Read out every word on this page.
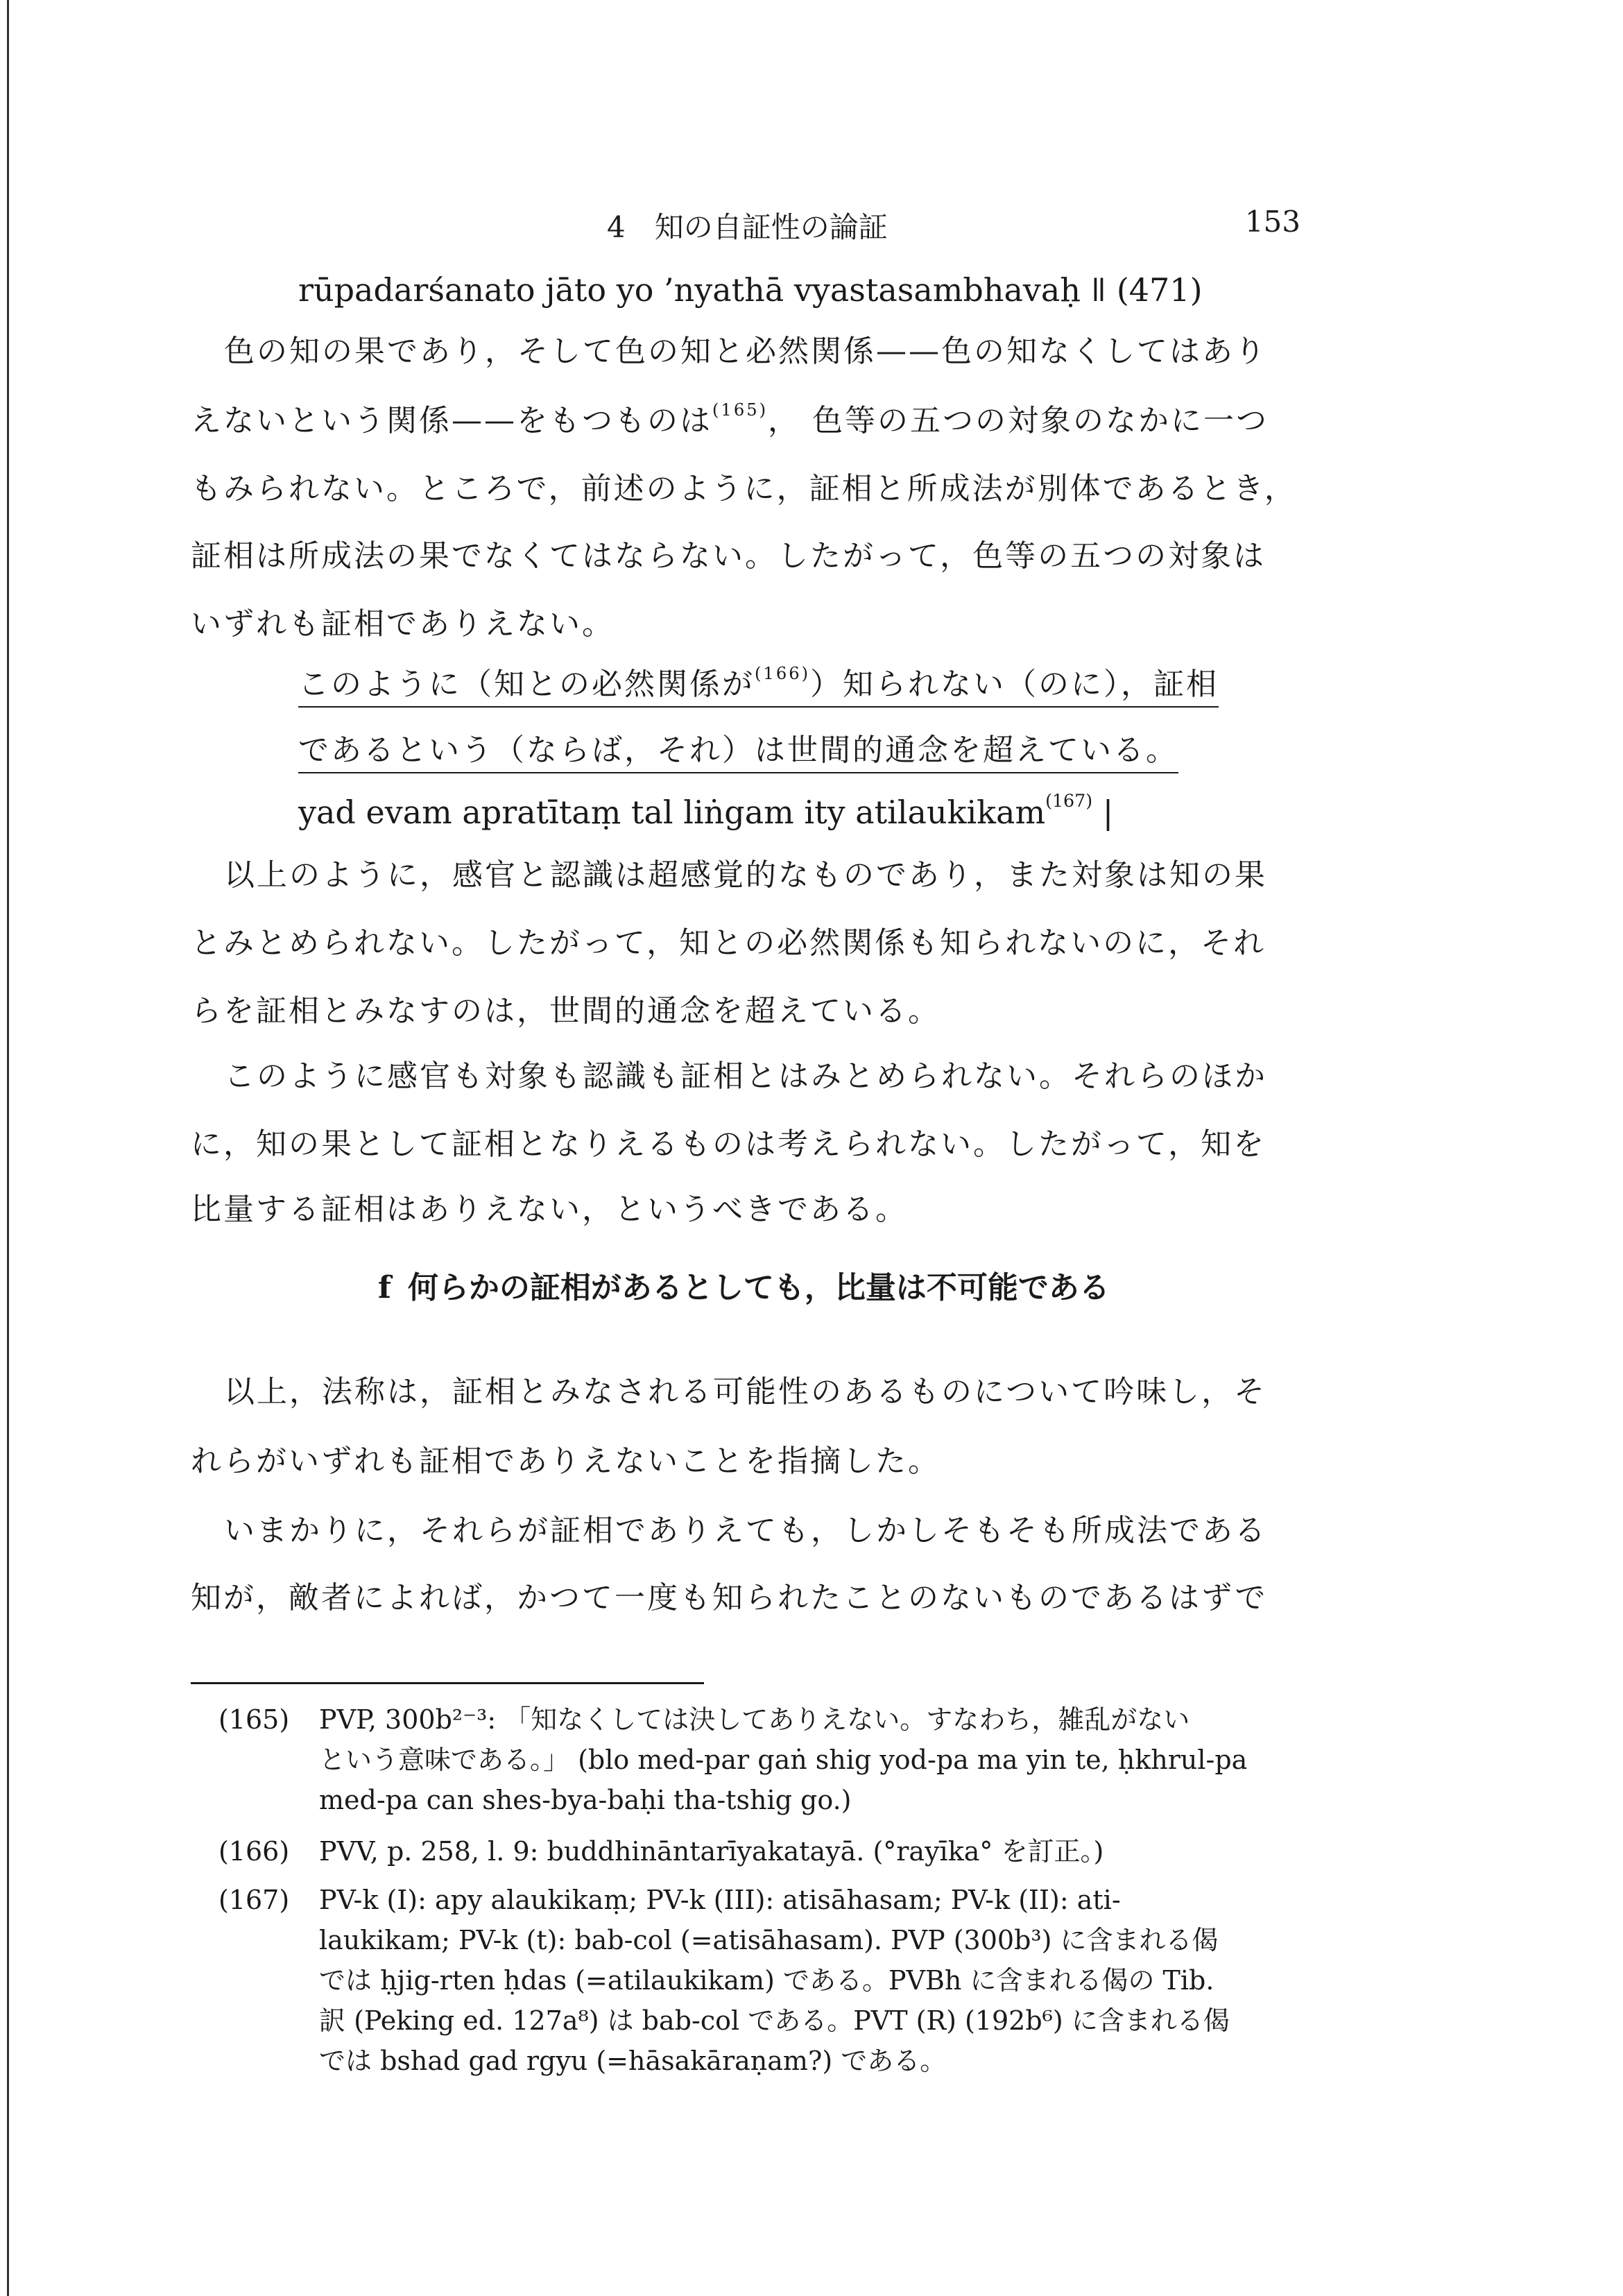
4　知の自証性の論証	153
rūpadarśanato jāto yo ’nyathā vyastasambhavaḥ ǁ (471)
色の知の果であり，そして色の知と必然関係——色の知なくしてはあり
えないという関係——をもつものは$^{(165)}$， 色等の五つの対象のなかに一つ
もみられない。ところで，前述のように，証相と所成法が別体であるとき，
証相は所成法の果でなくてはならない。したがって，色等の五つの対象は
いずれも証相でありえない。
このように（知との必然関係が$^{(166)}$）知られない（のに），証相
であるという（ならば，それ）は世間的通念を超えている。
yad evam apratītaṃ tal liṅgam ity atilaukikam$^{(167)}$ |
以上のように，感官と認識は超感覚的なものであり，また対象は知の果
とみとめられない。したがって，知との必然関係も知られないのに，それ
らを証相とみなすのは，世間的通念を超えている。
このように感官も対象も認識も証相とはみとめられない。それらのほか
に，知の果として証相となりえるものは考えられない。したがって，知を
比量する証相はありえない，というべきである。
f 何らかの証相があるとしても，比量は不可能である
以上，法称は，証相とみなされる可能性のあるものについて吟味し，そ
れらがいずれも証相でありえないことを指摘した。
いまかりに，それらが証相でありえても，しかしそもそも所成法である
知が，敵者によれば，かつて一度も知られたことのないものであるはずで
(165) PVP, 300b²⁻³: 「知なくしては決してありえない。すなわち，雑乱がない
という意味である。」 (blo med-par gaṅ shig yod-pa ma yin te, ḥkhrul-pa
med-pa can shes-bya-baḥi tha-tshig go.)
(166) PVV, p. 258, l. 9: buddhināntarīyakatayā. (°rayīka° を訂正。)
(167) PV-k (I): apy alaukikaṃ; PV-k (III): atisāhasam; PV-k (II): ati-
laukikam; PV-k (t): bab-col (=atisāhasam). PVP (300b³) に含まれる偈
では ḥjig-rten ḥdas (=atilaukikam) である。PVBh に含まれる偈の Tib.
訳 (Peking ed. 127a⁸) は bab-col である。PVT (R) (192b⁶) に含まれる偈
では bshad gad rgyu (=hāsakāraṇam?) である。
